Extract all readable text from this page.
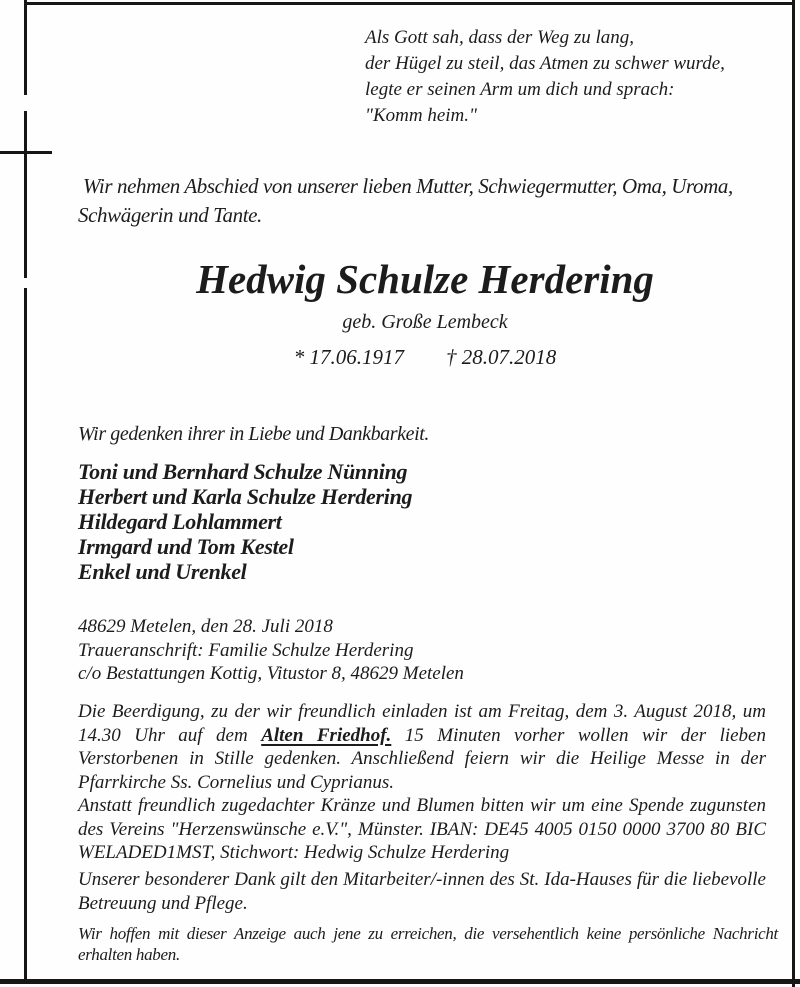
Als Gott sah, dass der Weg zu lang,
der Hügel zu steil, das Atmen zu schwer wurde,
legte er seinen Arm um dich und sprach:
"Komm heim."
Wir nehmen Abschied von unserer lieben Mutter, Schwiegermutter, Oma, Uroma, Schwägerin und Tante.
Hedwig Schulze Herdering
geb. Große Lembeck
* 17.06.1917 † 28.07.2018
Wir gedenken ihrer in Liebe und Dankbarkeit.
Toni und Bernhard Schulze Nünning
Herbert und Karla Schulze Herdering
Hildegard Lohlammert
Irmgard und Tom Kestel
Enkel und Urenkel
48629 Metelen, den 28. Juli 2018
Traueranschrift: Familie Schulze Herdering
c/o Bestattungen Kottig, Vitustor 8, 48629 Metelen
Die Beerdigung, zu der wir freundlich einladen ist am Freitag, dem 3. August 2018, um 14.30 Uhr auf dem Alten Friedhof. 15 Minuten vorher wollen wir der lieben Verstorbenen in Stille gedenken. Anschließend feiern wir die Heilige Messe in der Pfarrkirche Ss. Cornelius und Cyprianus.
Anstatt freundlich zugedachter Kränze und Blumen bitten wir um eine Spende zugunsten des Vereins "Herzenswünsche e.V.", Münster. IBAN: DE45 4005 0150 0000 3700 80 BIC WELADED1MST, Stichwort: Hedwig Schulze Herdering
Unserer besonderer Dank gilt den Mitarbeiter/-innen des St. Ida-Hauses für die liebevolle Betreuung und Pflege.
Wir hoffen mit dieser Anzeige auch jene zu erreichen, die versehentlich keine persönliche Nachricht erhalten haben.
